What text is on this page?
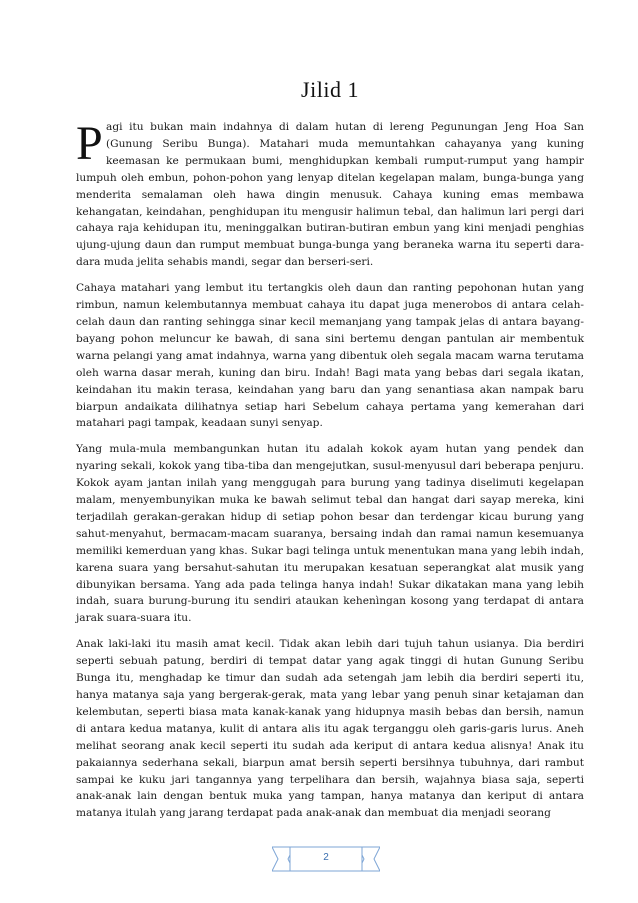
Jilid 1

Pagi itu bukan main indahnya di dalam hutan di lereng Pegunungan Jeng Hoa San (Gunung Seribu Bunga). Matahari muda memuntahkan cahayanya yang kuning keemasan ke permukaan bumi, menghidupkan kembali rumput-rumput yang hampir lumpuh oleh embun, pohon-pohon yang lenyap ditelan kegelapan malam, bunga-bunga yang menderita semalaman oleh hawa dingin menusuk. Cahaya kuning emas membawa kehangatan, keindahan, penghidupan itu mengusir halimun tebal, dan halimun lari pergi dari cahaya raja kehidupan itu, meninggalkan butiran-butiran embun yang kini menjadi penghias ujung-ujung daun dan rumput membuat bunga-bunga yang beraneka warna itu seperti dara-dara muda jelita sehabis mandi, segar dan berseri-seri.

Cahaya matahari yang lembut itu tertangkis oleh daun dan ranting pepohonan hutan yang rimbun, namun kelembutannya membuat cahaya itu dapat juga menerobos di antara celah-celah daun dan ranting sehingga sinar kecil memanjang yang tampak jelas di antara bayang-bayang pohon meluncur ke bawah, di sana sini bertemu dengan pantulan air membentuk warna pelangi yang amat indahnya, warna yang dibentuk oleh segala macam warna terutama oleh warna dasar merah, kuning dan biru. Indah! Bagi mata yang bebas dari segala ikatan, keindahan itu makin terasa, keindahan yang baru dan yang senantiasa akan nampak baru biarpun andaikata dilihatnya setiap hari Sebelum cahaya pertama yang kemerahan dari matahari pagi tampak, keadaan sunyi senyap.

Yang mula-mula membangunkan hutan itu adalah kokok ayam hutan yang pendek dan nyaring sekali, kokok yang tiba-tiba dan mengejutkan, susul-menyusul dari beberapa penjuru. Kokok ayam jantan inilah yang menggugah para burung yang tadinya diselimuti kegelapan malam, menyembunyikan muka ke bawah selimut tebal dan hangat dari sayap mereka, kini terjadilah gerakan-gerakan hidup di setiap pohon besar dan terdengar kicau burung yang sahut-menyahut, bermacam-macam suaranya, bersaing indah dan ramai namun kesemuanya memiliki kemerduan yang khas. Sukar bagi telinga untuk menentukan mana yang lebih indah, karena suara yang bersahut-sahutan itu merupakan kesatuan seperangkat alat musik yang dibunyikan bersama. Yang ada pada telinga hanya indah! Sukar dikatakan mana yang lebih indah, suara burung-burung itu sendiri ataukan kehenìngan kosong yang terdapat di antara jarak suara-suara itu.

Anak laki-laki itu masih amat kecil. Tidak akan lebih dari tujuh tahun usianya. Dia berdiri seperti sebuah patung, berdiri di tempat datar yang agak tinggi di hutan Gunung Seribu Bunga itu, menghadap ke timur dan sudah ada setengah jam lebih dia berdiri seperti itu, hanya matanya saja yang bergerak-gerak, mata yang lebar yang penuh sinar ketajaman dan kelembutan, seperti biasa mata kanak-kanak yang hidupnya masih bebas dan bersih, namun di antara kedua matanya, kulit di antara alis itu agak terganggu oleh garis-garis lurus. Aneh melihat seorang anak kecil seperti itu sudah ada keriput di antara kedua alisnya! Anak itu pakaiannya sederhana sekali, biarpun amat bersih seperti bersihnya tubuhnya, dari rambut sampai ke kuku jari tangannya yang terpelihara dan bersih, wajahnya biasa saja, seperti anak-anak lain dengan bentuk muka yang tampan, hanya matanya dan keriput di antara matanya itulah yang jarang terdapat pada anak-anak dan membuat dia menjadi seorang

2
